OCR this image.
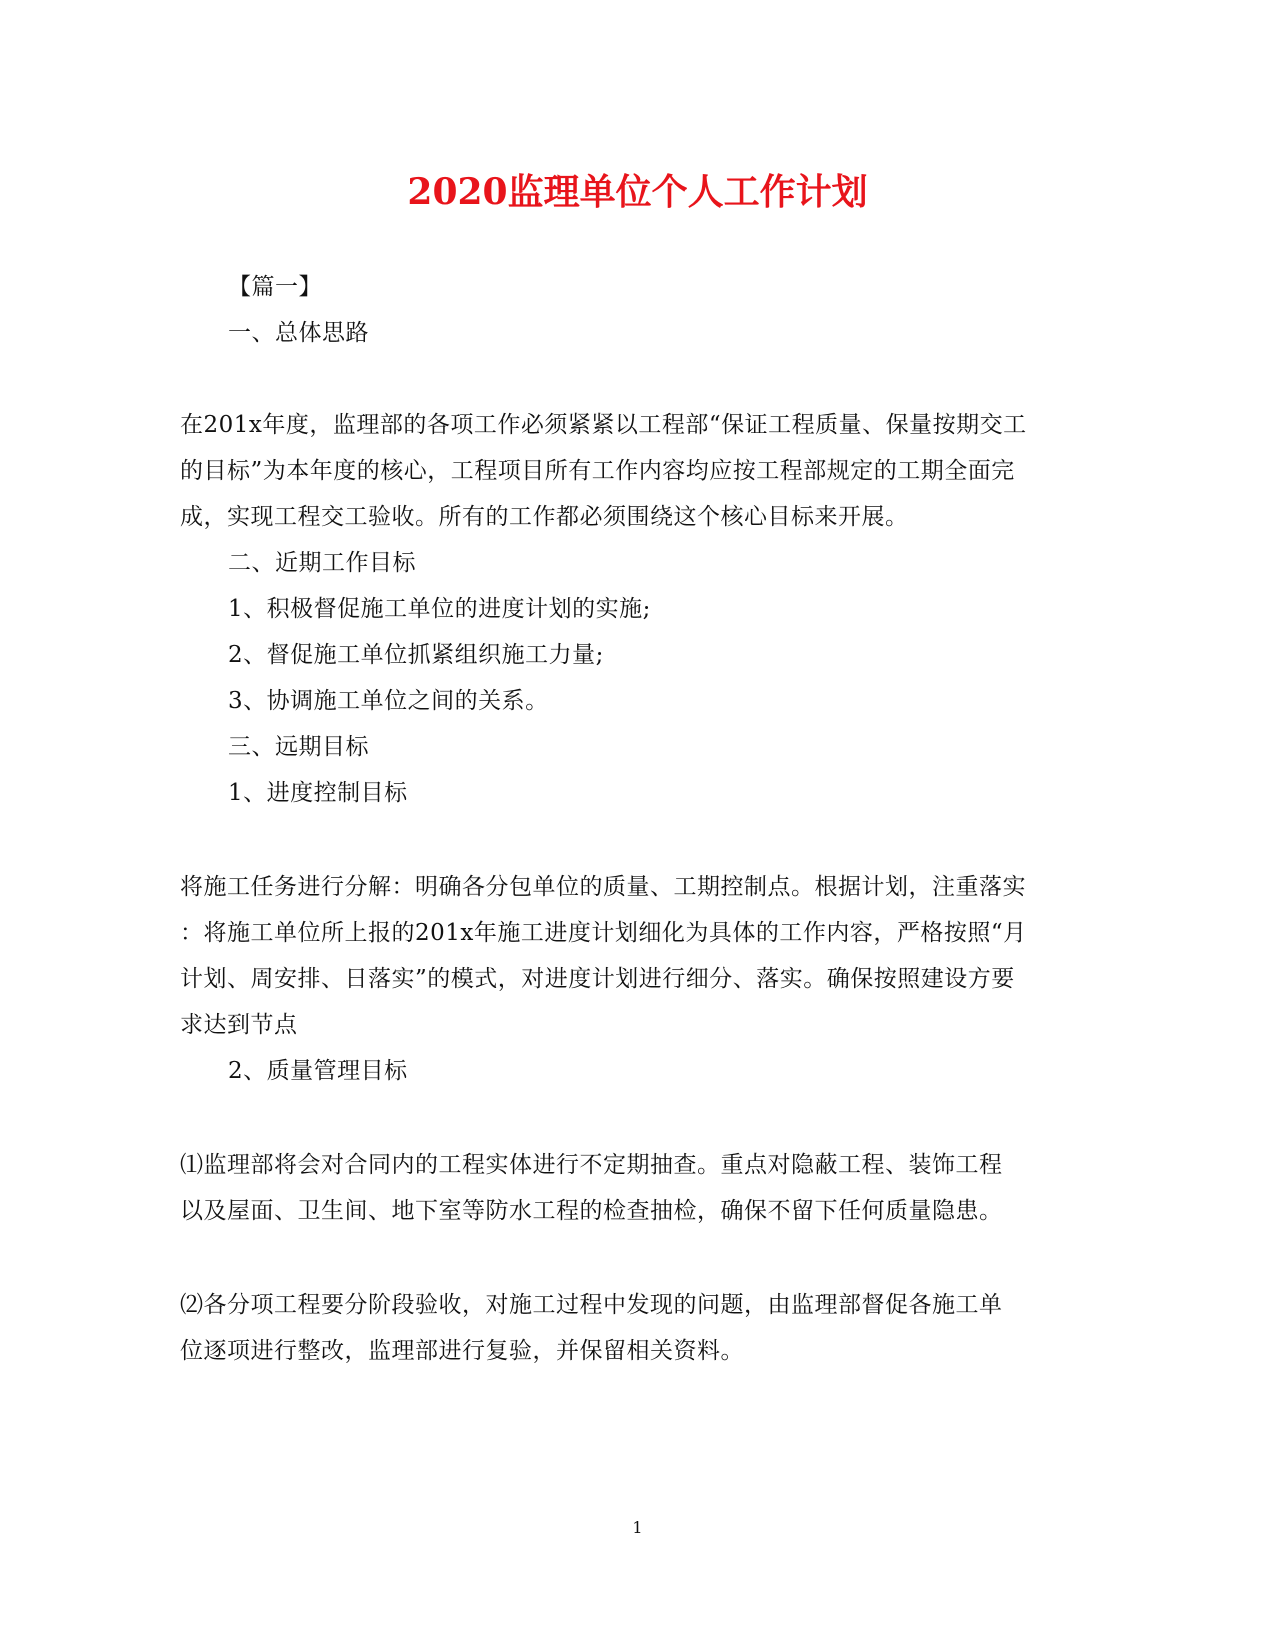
2020监理单位个人工作计划
【篇一】
一、总体思路
在201x年度，监理部的各项工作必须紧紧以工程部“保证工程质量、保量按期交工
的目标”为本年度的核心，工程项目所有工作内容均应按工程部规定的工期全面完
成，实现工程交工验收。所有的工作都必须围绕这个核心目标来开展。
二、近期工作目标
1、积极督促施工单位的进度计划的实施;
2、督促施工单位抓紧组织施工力量;
3、协调施工单位之间的关系。
三、远期目标
1、进度控制目标
将施工任务进行分解：明确各分包单位的质量、工期控制点。根据计划，注重落实
：将施工单位所上报的201x年施工进度计划细化为具体的工作内容，严格按照“月
计划、周安排、日落实”的模式，对进度计划进行细分、落实。确保按照建设方要
求达到节点
2、质量管理目标
⑴监理部将会对合同内的工程实体进行不定期抽查。重点对隐蔽工程、装饰工程
以及屋面、卫生间、地下室等防水工程的检查抽检，确保不留下任何质量隐患。
⑵各分项工程要分阶段验收，对施工过程中发现的问题，由监理部督促各施工单
位逐项进行整改，监理部进行复验，并保留相关资料。
1
